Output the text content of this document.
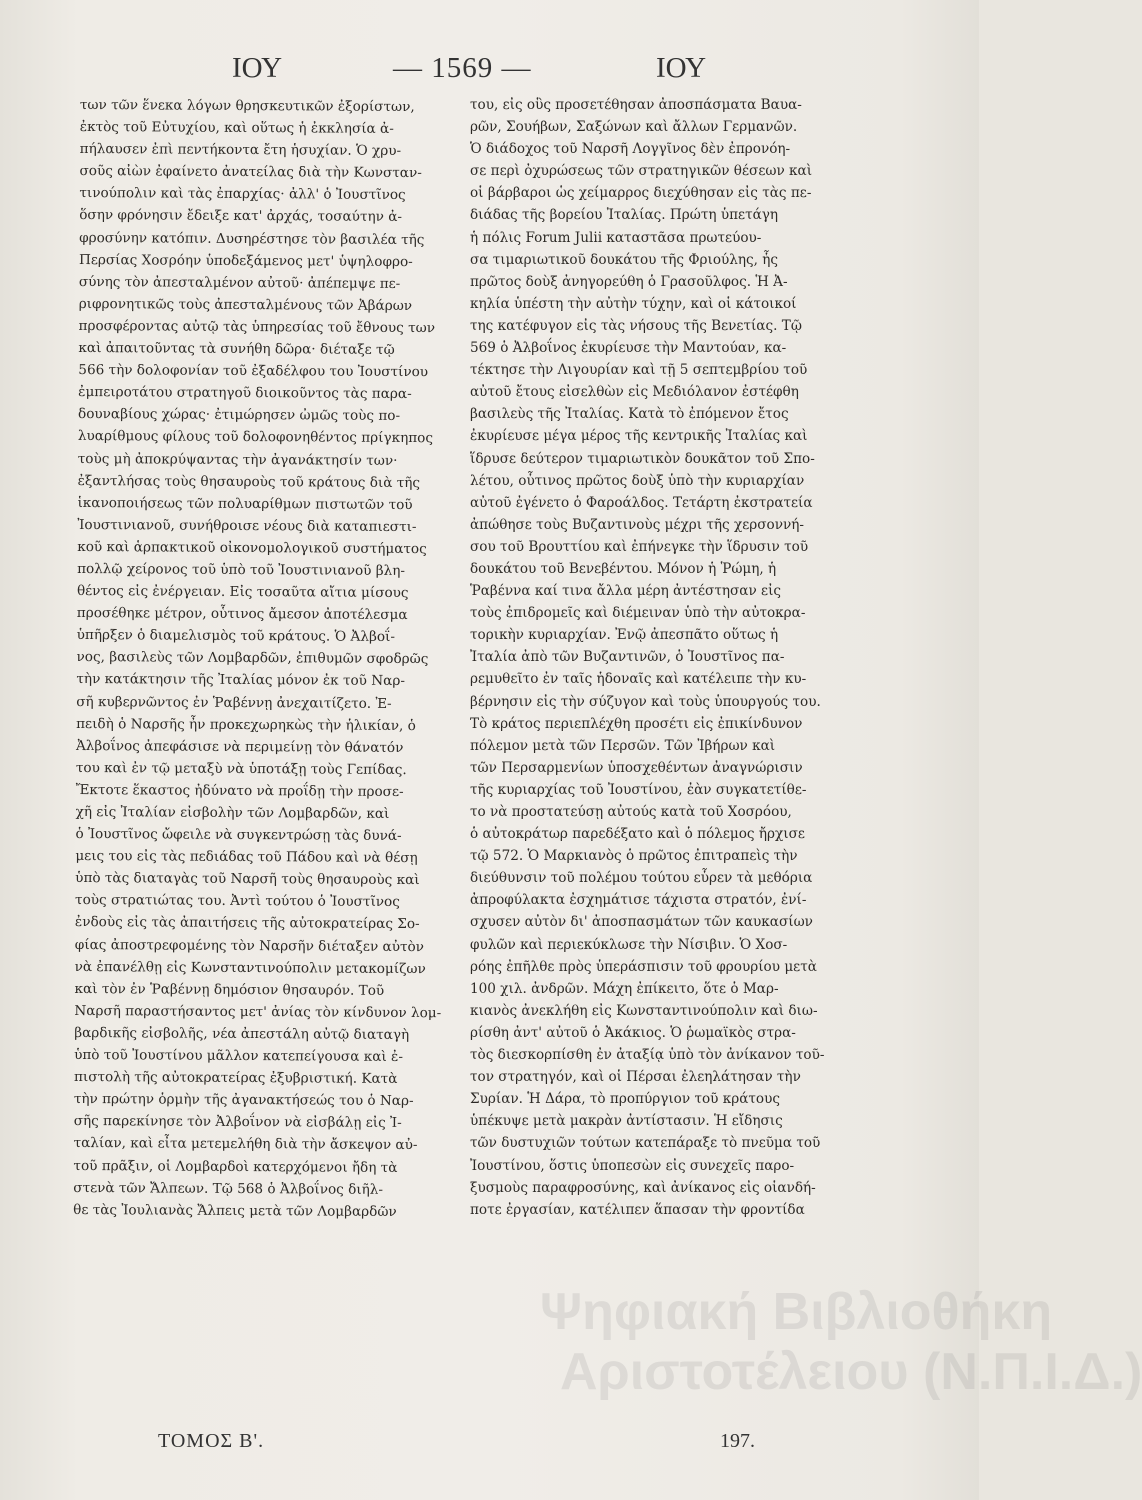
ΙΟΥ	— 1569 —	ΙΟΥ
των τῶν ἕνεκα λόγων θρησκευτικῶν ἐξορίστων,
ἐκτὸς τοῦ Εὐτυχίου, καὶ οὕτως ἡ ἐκκλησία ἀ-
πήλαυσεν ἐπὶ πεντήκοντα ἔτη ἡσυχίαν. Ὁ χρυ-
σοῦς αἰὼν ἐφαίνετο ἀνατείλας διὰ τὴν Κωνσταν-
τινούπολιν καὶ τὰς ἐπαρχίας· ἀλλ' ὁ Ἰουστῖνος
ὅσην φρόνησιν ἔδειξε κατ' ἀρχάς, τοσαύτην ἀ-
φροσύνην κατόπιν. Δυσηρέστησε τὸν βασιλέα τῆς
Περσίας Χοσρόην ὑποδεξάμενος μετ' ὑψηλοφρο-
σύνης τὸν ἀπεσταλμένον αὐτοῦ· ἀπέπεμψε πε-
ριφρονητικῶς τοὺς ἀπεσταλμένους τῶν Ἀβάρων
προσφέροντας αὐτῷ τὰς ὑπηρεσίας τοῦ ἔθνους των
καὶ ἀπαιτοῦντας τὰ συνήθη δῶρα· διέταξε τῷ
566 τὴν δολοφονίαν τοῦ ἐξαδέλφου του Ἰουστίνου
ἐμπειροτάτου στρατηγοῦ διοικοῦντος τὰς παρα-
δουναβίους χώρας· ἐτιμώρησεν ὠμῶς τοὺς πο-
λυαρίθμους φίλους τοῦ δολοφονηθέντος πρίγκηπος
τοὺς μὴ ἀποκρύψαντας τὴν ἀγανάκτησίν των·
ἐξαντλήσας τοὺς θησαυροὺς τοῦ κράτους διὰ τῆς
ἱκανοποιήσεως τῶν πολυαρίθμων πιστωτῶν τοῦ
Ἰουστινιανοῦ, συνήθροισε νέους διὰ καταπιεστι-
κοῦ καὶ ἁρπακτικοῦ οἰκονομολογικοῦ συστήματος
πολλῷ χείρονος τοῦ ὑπὸ τοῦ Ἰουστινιανοῦ βλη-
θέντος εἰς ἐνέργειαν. Εἰς τοσαῦτα αἴτια μίσους
προσέθηκε μέτρον, οὗτινος ἄμεσον ἀποτέλεσμα
ὑπῆρξεν ὁ διαμελισμὸς τοῦ κράτους. Ὁ Ἀλβοΐ-
νος, βασιλεὺς τῶν Λομβαρδῶν, ἐπιθυμῶν σφοδρῶς
τὴν κατάκτησιν τῆς Ἰταλίας μόνον ἐκ τοῦ Ναρ-
σῆ κυβερνῶντος ἐν Ῥαβέννῃ ἀνεχαιτίζετο. Ἐ-
πειδὴ ὁ Ναρσῆς ἦν προκεχωρηκὼς τὴν ἡλικίαν, ὁ
Ἀλβοΐνος ἀπεφάσισε νὰ περιμείνῃ τὸν θάνατόν
του καὶ ἐν τῷ μεταξὺ νὰ ὑποτάξῃ τοὺς Γεπίδας.
Ἔκτοτε ἕκαστος ἠδύνατο νὰ προΐδῃ τὴν προσε-
χῆ εἰς Ἰταλίαν εἰσβολὴν τῶν Λομβαρδῶν, καὶ
ὁ Ἰουστῖνος ὤφειλε νὰ συγκεντρώσῃ τὰς δυνά-
μεις του εἰς τὰς πεδιάδας τοῦ Πάδου καὶ νὰ θέσῃ
ὑπὸ τὰς διαταγὰς τοῦ Ναρσῆ τοὺς θησαυροὺς καὶ
τοὺς στρατιώτας του. Ἀντὶ τούτου ὁ Ἰουστῖνος
ἐνδοὺς εἰς τὰς ἀπαιτήσεις τῆς αὐτοκρατείρας Σο-
φίας ἀποστρεφομένης τὸν Ναρσῆν διέταξεν αὐτὸν
νὰ ἐπανέλθῃ εἰς Κωνσταντινούπολιν μετακομίζων
καὶ τὸν ἐν Ῥαβέννῃ δημόσιον θησαυρόν. Τοῦ
Ναρσῆ παραστήσαντος μετ' ἀνίας τὸν κίνδυνον λομ-
βαρδικῆς εἰσβολῆς, νέα ἀπεστάλη αὐτῷ διαταγὴ
ὑπὸ τοῦ Ἰουστίνου μᾶλλον κατεπείγουσα καὶ ἐ-
πιστολὴ τῆς αὐτοκρατείρας ἐξυβριστική. Κατὰ
τὴν πρώτην ὁρμὴν τῆς ἀγανακτήσεώς του ὁ Ναρ-
σῆς παρεκίνησε τὸν Ἀλβοΐνον νὰ εἰσβάλῃ εἰς Ἰ-
ταλίαν, καὶ εἶτα μετεμελήθη διὰ τὴν ἄσκεψον αὐ-
τοῦ πρᾶξιν, οἱ Λομβαρδοὶ κατερχόμενοι ἤδη τὰ
στενὰ τῶν Ἄλπεων. Τῷ 568 ὁ Ἀλβοΐνος διῆλ-
θε τὰς Ἰουλιανὰς Ἄλπεις μετὰ τῶν Λομβαρδῶν
του, εἰς οὓς προσετέθησαν ἀποσπάσματα Βαυα-
ρῶν, Σουήβων, Σαξώνων καὶ ἄλλων Γερμανῶν.
Ὁ διάδοχος τοῦ Ναρσῆ Λογγῖνος δὲν ἐπρονόη-
σε περὶ ὀχυρώσεως τῶν στρατηγικῶν θέσεων καὶ
οἱ βάρβαροι ὡς χείμαρρος διεχύθησαν εἰς τὰς πε-
διάδας τῆς βορείου Ἰταλίας. Πρώτη ὑπετάγη
ἡ πόλις Forum Julii καταστᾶσα πρωτεύου-
σα τιμαριωτικοῦ δουκάτου τῆς Φριούλης, ἧς
πρῶτος δοὺξ ἀνηγορεύθη ὁ Γρασοῦλφος. Ἡ Ἀ-
κηλία ὑπέστη τὴν αὐτὴν τύχην, καὶ οἱ κάτοικοί
της κατέφυγον εἰς τὰς νήσους τῆς Βενετίας. Τῷ
569 ὁ Ἀλβοΐνος ἐκυρίευσε τὴν Μαντούαν, κα-
τέκτησε τὴν Λιγουρίαν καὶ τῇ 5 σεπτεμβρίου τοῦ
αὐτοῦ ἔτους εἰσελθὼν εἰς Μεδιόλανον ἐστέφθη
βασιλεὺς τῆς Ἰταλίας. Κατὰ τὸ ἐπόμενον ἔτος
ἐκυρίευσε μέγα μέρος τῆς κεντρικῆς Ἰταλίας καὶ
ἵδρυσε δεύτερον τιμαριωτικὸν δουκᾶτον τοῦ Σπο-
λέτου, οὗτινος πρῶτος δοὺξ ὑπὸ τὴν κυριαρχίαν
αὐτοῦ ἐγένετο ὁ Φαροάλδος. Τετάρτη ἐκστρατεία
ἀπώθησε τοὺς Βυζαντινοὺς μέχρι τῆς χερσοννή-
σου τοῦ Βρουττίου καὶ ἐπήνεγκε τὴν ἵδρυσιν τοῦ
δουκάτου τοῦ Βενεβέντου. Μόνον ἡ Ῥώμη, ἡ
Ῥαβέννα καί τινα ἄλλα μέρη ἀντέστησαν εἰς
τοὺς ἐπιδρομεῖς καὶ διέμειναν ὑπὸ τὴν αὐτοκρα-
τορικὴν κυριαρχίαν. Ἐνῷ ἀπεσπᾶτο οὕτως ἡ
Ἰταλία ἀπὸ τῶν Βυζαντινῶν, ὁ Ἰουστῖνος πα-
ρεμυθεῖτο ἐν ταῖς ἡδοναῖς καὶ κατέλειπε τὴν κυ-
βέρνησιν εἰς τὴν σύζυγον καὶ τοὺς ὑπουργούς του.
Τὸ κράτος περιεπλέχθη προσέτι εἰς ἐπικίνδυνον
πόλεμον μετὰ τῶν Περσῶν. Τῶν Ἰβήρων καὶ
τῶν Περσαρμενίων ὑποσχεθέντων ἀναγνώρισιν
τῆς κυριαρχίας τοῦ Ἰουστίνου, ἐὰν συγκατετίθε-
το νὰ προστατεύσῃ αὐτούς κατὰ τοῦ Χοσρόου,
ὁ αὐτοκράτωρ παρεδέξατο καὶ ὁ πόλεμος ἤρχισε
τῷ 572. Ὁ Μαρκιανὸς ὁ πρῶτος ἐπιτραπεὶς τὴν
διεύθυνσιν τοῦ πολέμου τούτου εὗρεν τὰ μεθόρια
ἀπροφύλακτα ἐσχημάτισε τάχιστα στρατόν, ἐνί-
σχυσεν αὐτὸν δι' ἀποσπασμάτων τῶν καυκασίων
φυλῶν καὶ περιεκύκλωσε τὴν Νίσιβιν. Ὁ Χοσ-
ρόης ἐπῆλθε πρὸς ὑπεράσπισιν τοῦ φρουρίου μετὰ
100 χιλ. ἀνδρῶν. Μάχη ἐπίκειτο, ὅτε ὁ Μαρ-
κιανὸς ἀνεκλήθη εἰς Κωνσταντινούπολιν καὶ διω-
ρίσθη ἀντ' αὐτοῦ ὁ Ἀκάκιος. Ὁ ῥωμαϊκὸς στρα-
τὸς διεσκορπίσθη ἐν ἀταξίᾳ ὑπὸ τὸν ἀνίκανον τοῦ-
τον στρατηγόν, καὶ οἱ Πέρσαι ἐλεηλάτησαν τὴν
Συρίαν. Ἡ Δάρα, τὸ προπύργιον τοῦ κράτους
ὑπέκυψε μετὰ μακρὰν ἀντίστασιν. Ἡ εἴδησις
τῶν δυστυχιῶν τούτων κατεπάραξε τὸ πνεῦμα τοῦ
Ἰουστίνου, ὅστις ὑποπεσὼν εἰς συνεχεῖς παρο-
ξυσμοὺς παραφροσύνης, καὶ ἀνίκανος εἰς οἱανδή-
ποτε ἐργασίαν, κατέλιπεν ἅπασαν τὴν φροντίδα
Ψηφιακή Βιβλιοθήκη
Αριστοτέλειου (Ν.Π.Ι.Δ.)
ΤΟΜΟΣ Β'.	197.
